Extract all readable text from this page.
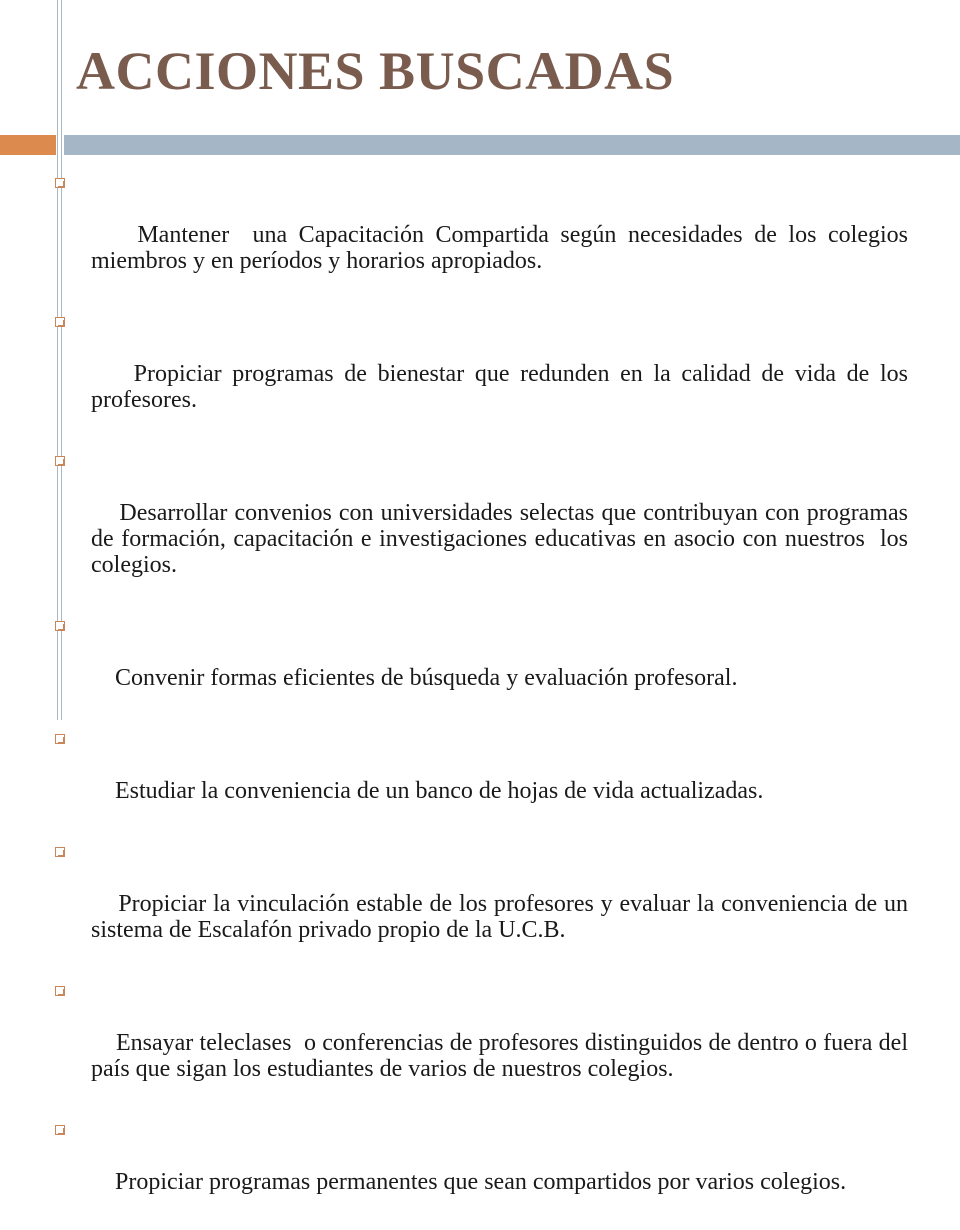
ACCIONES BUSCADAS

Mantener  una Capacitación Compartida según necesidades de los colegios miembros y en períodos y horarios apropiados.

Propiciar programas de bienestar que redunden en la calidad de vida de los profesores.

Desarrollar convenios con universidades selectas que contribuyan con programas de formación, capacitación e investigaciones educativas en asocio con nuestros  los colegios.

Convenir formas eficientes de búsqueda y evaluación profesoral.

Estudiar la conveniencia de un banco de hojas de vida actualizadas.

Propiciar la vinculación estable de los profesores y evaluar la conveniencia de un sistema de Escalafón privado propio de la U.C.B.

Ensayar teleclases  o conferencias de profesores distinguidos de dentro o fuera del país que sigan los estudiantes de varios de nuestros colegios.

Propiciar programas permanentes que sean compartidos por varios colegios.
